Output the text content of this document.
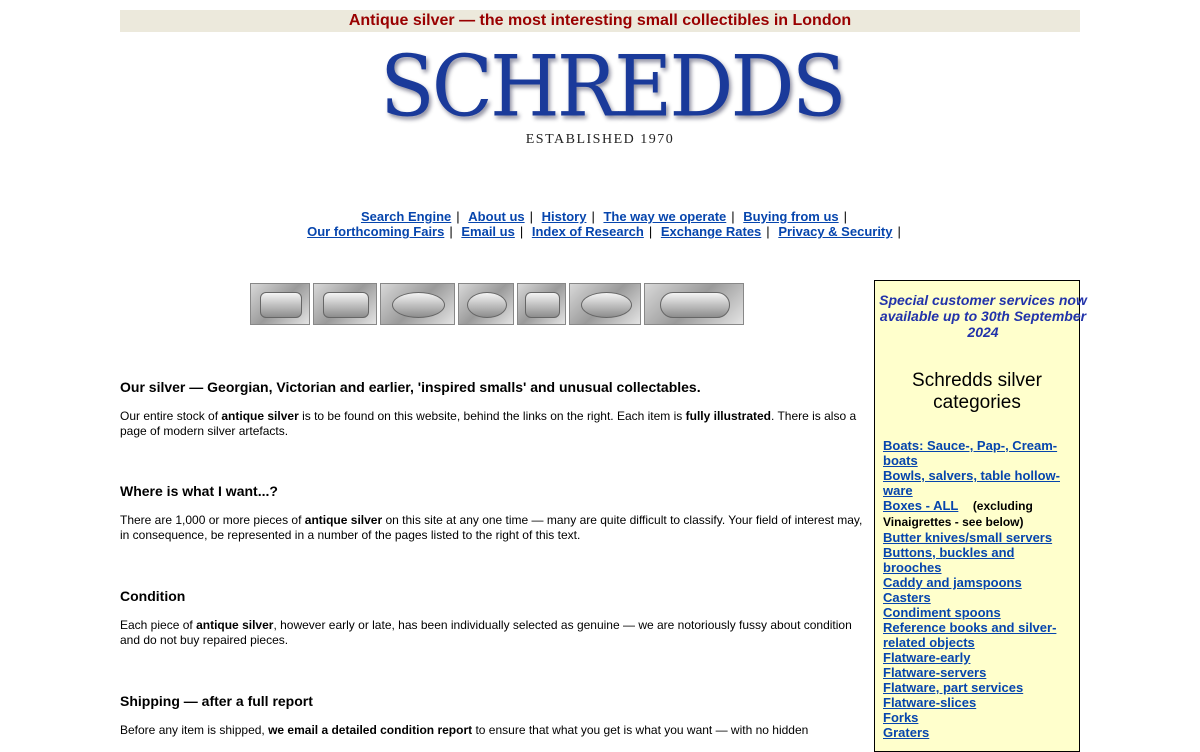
Antique silver — the most interesting small collectibles in London
SCHREDDS
ESTABLISHED 1970
Search Engine | About us | History | The way we operate | Buying from us |
Our forthcoming Fairs | Email us | Index of Research | Exchange Rates | Privacy & Security |
Our silver — Georgian, Victorian and earlier, 'inspired smalls' and unusual collectables.

Our entire stock of antique silver is to be found on this website, behind the links on the right. Each item is fully illustrated. There is also a page of modern silver artefacts.

Where is what I want...?

There are 1,000 or more pieces of antique silver on this site at any one time — many are quite difficult to classify. Your field of interest may, in consequence, be represented in a number of the pages listed to the right of this text.

Condition

Each piece of antique silver, however early or late, has been individually selected as genuine — we are notoriously fussy about condition and do not buy repaired pieces.

Shipping — after a full report

Before any item is shipped, we email a detailed condition report to ensure that what you get is what you want — with no hidden

Special customer services now available up to 30th September 2024
Schredds silver categories
Boats: Sauce-, Pap-, Cream-boats
Bowls, salvers, table hollow-ware
Boxes - ALL (excluding Vinaigrettes - see below)
Butter knives/small servers
Buttons, buckles and brooches
Caddy and jamspoons
Casters
Condiment spoons
Reference books and silver-related objects
Flatware-early
Flatware-servers
Flatware, part services
Flatware-slices
Forks
Graters
